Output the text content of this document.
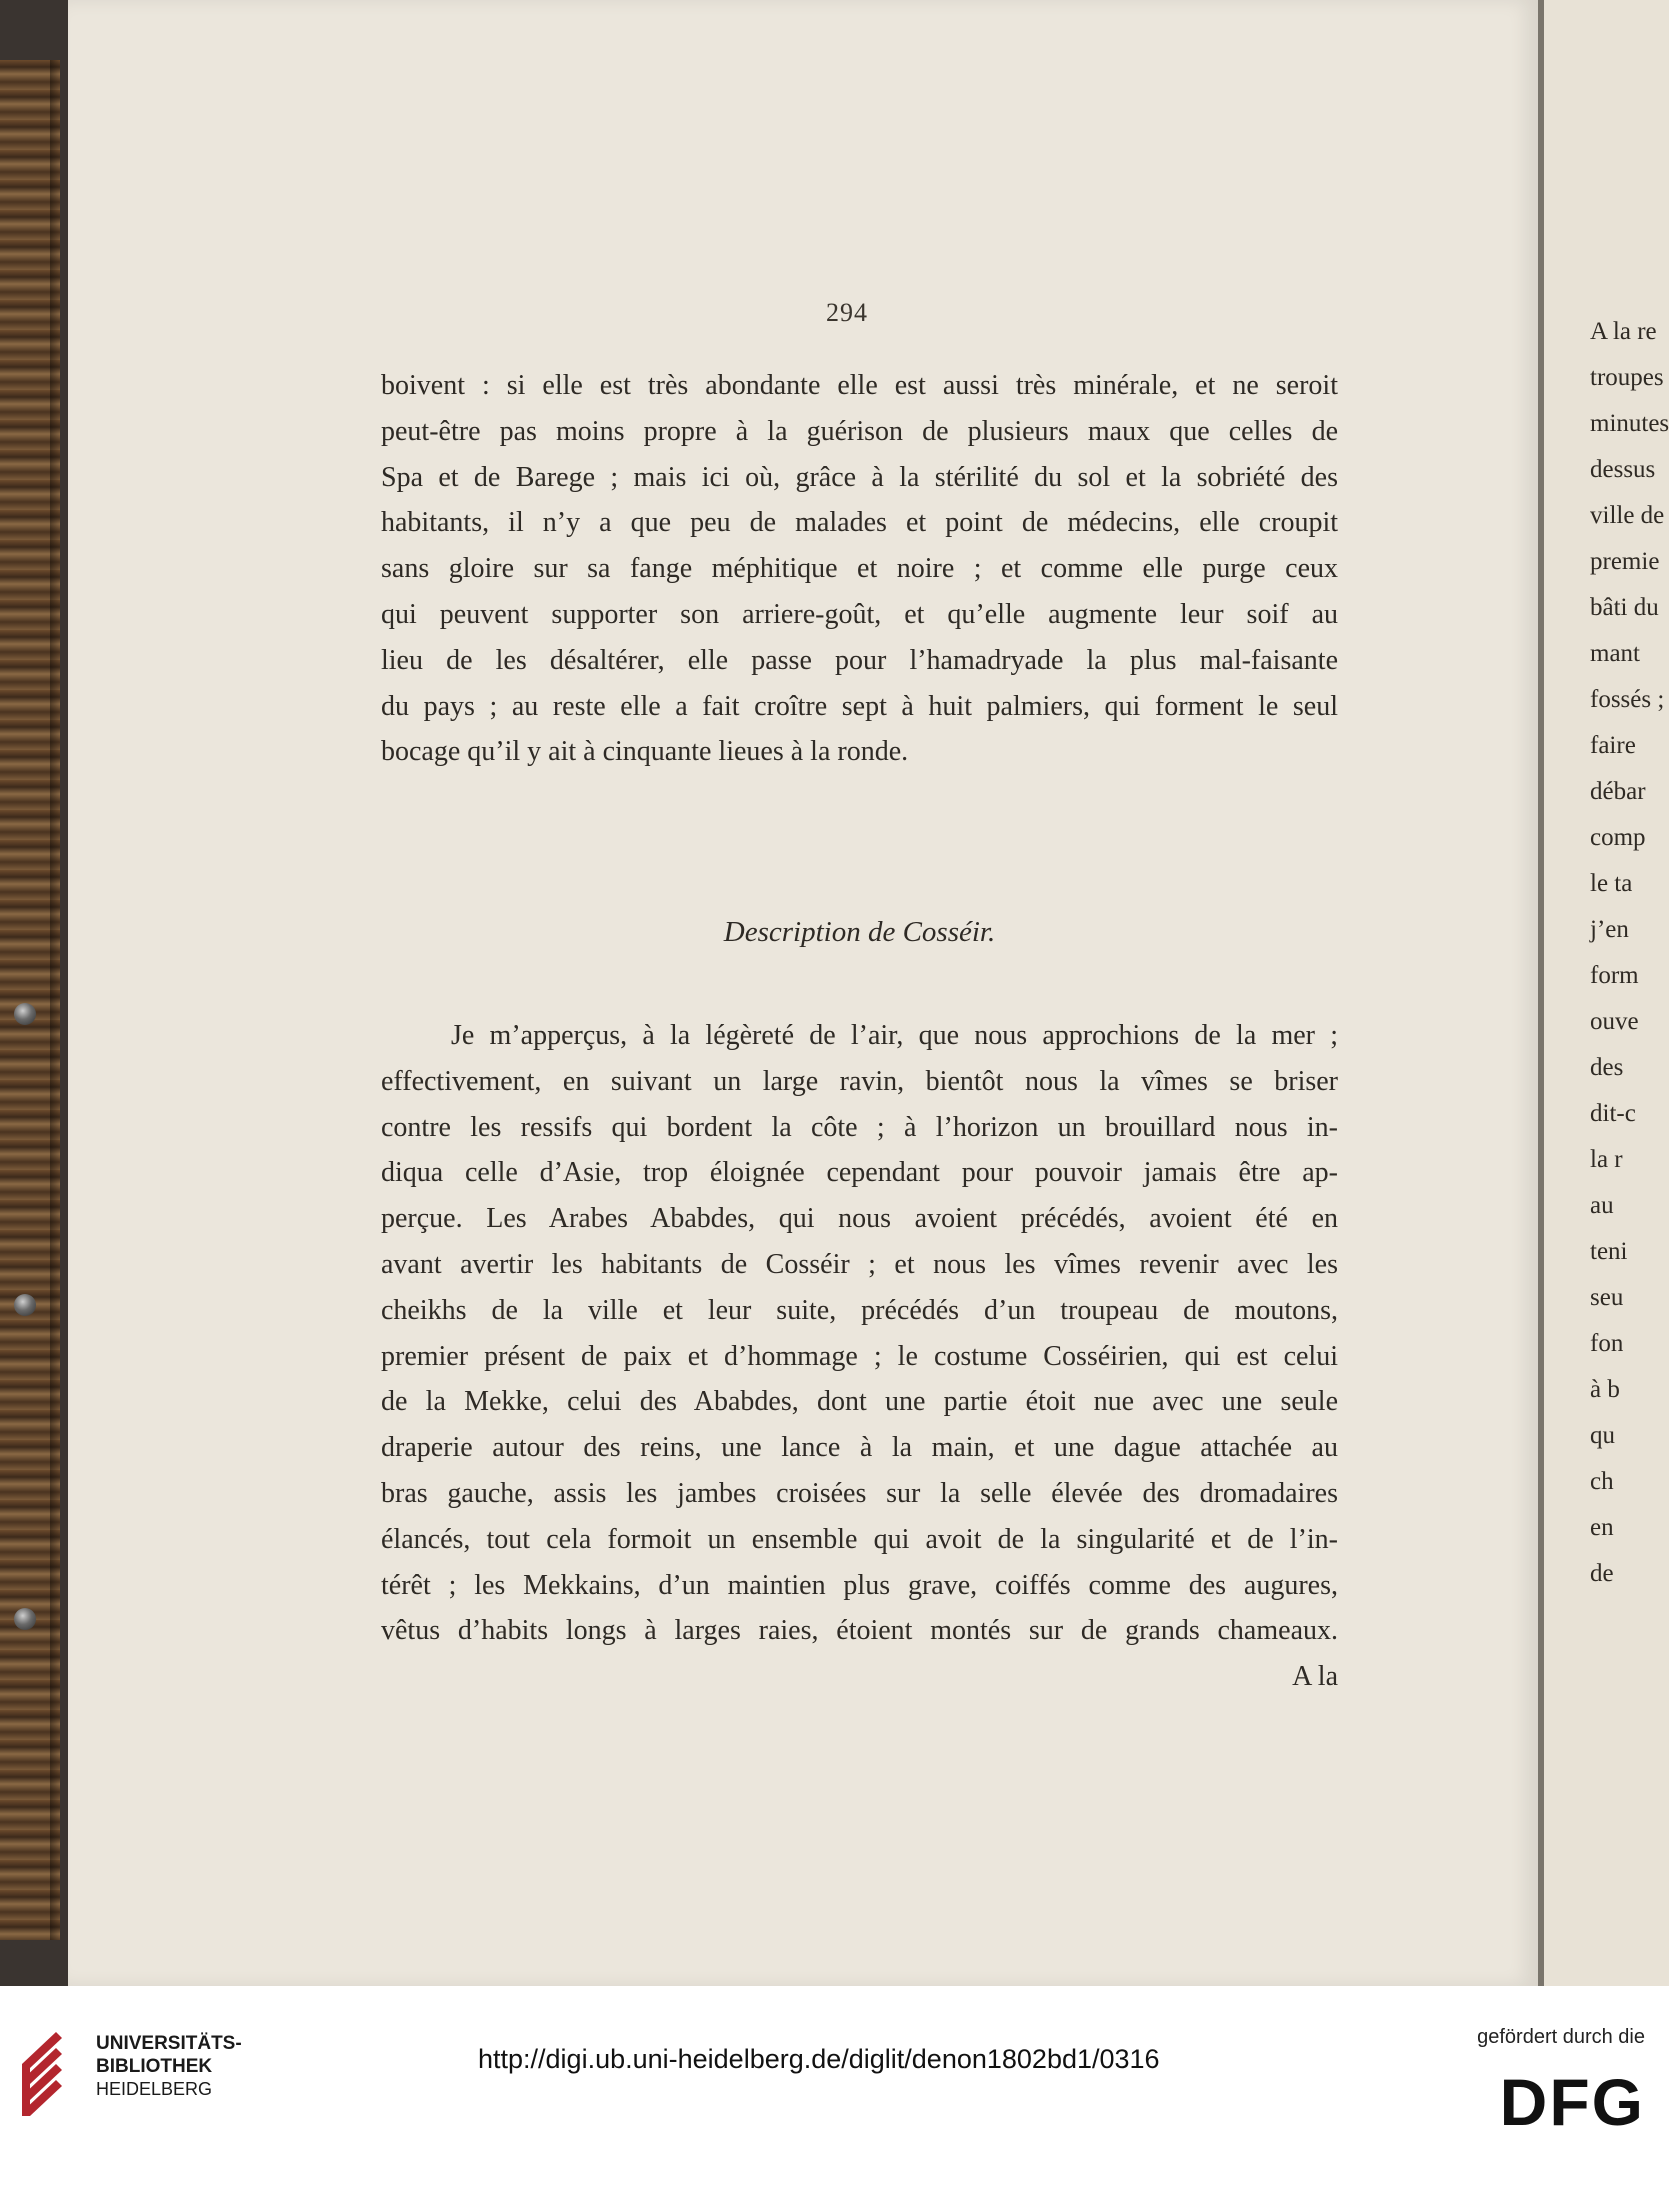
A la re
troupes
minutes
dessus
ville de
premie
bâti du
mant
fossés ;
faire
débar
comp
le ta
j’en
form
ouve
des
dit-c
la r
au
teni
seu
fon
à b
qu
ch
en
de
294
boivent : si elle est très abondante elle est aussi très minérale, et ne seroit
peut-être pas moins propre à la guérison de plusieurs maux que celles de
Spa et de Barege ; mais ici où, grâce à la stérilité du sol et la sobriété des
habitants, il n’y a que peu de malades et point de médecins, elle croupit
sans gloire sur sa fange méphitique et noire ; et comme elle purge ceux
qui peuvent supporter son arriere-goût, et qu’elle augmente leur soif au
lieu de les désaltérer, elle passe pour l’hamadryade la plus mal-faisante
du pays ; au reste elle a fait croître sept à huit palmiers, qui forment le seul
bocage qu’il y ait à cinquante lieues à la ronde.
Description de Cosséir.
Je m’apperçus, à la légèreté de l’air, que nous approchions de la mer ;
effectivement, en suivant un large ravin, bientôt nous la vîmes se briser
contre les ressifs qui bordent la côte ; à l’horizon un brouillard nous in-
diqua celle d’Asie, trop éloignée cependant pour pouvoir jamais être ap-
perçue. Les Arabes Ababdes, qui nous avoient précédés, avoient été en
avant avertir les habitants de Cosséir ; et nous les vîmes revenir avec les
cheikhs de la ville et leur suite, précédés d’un troupeau de moutons,
premier présent de paix et d’hommage ; le costume Cosséirien, qui est celui
de la Mekke, celui des Ababdes, dont une partie étoit nue avec une seule
draperie autour des reins, une lance à la main, et une dague attachée au
bras gauche, assis les jambes croisées sur la selle élevée des dromadaires
élancés, tout cela formoit un ensemble qui avoit de la singularité et de l’in-
térêt ; les Mekkains, d’un maintien plus grave, coiffés comme des augures,
vêtus d’habits longs à larges raies, étoient montés sur de grands chameaux.
A la
UNIVERSITÄTS-
BIBLIOTHEK
HEIDELBERG
http://digi.ub.uni-heidelberg.de/diglit/denon1802bd1/0316
gefördert durch die
DFG
